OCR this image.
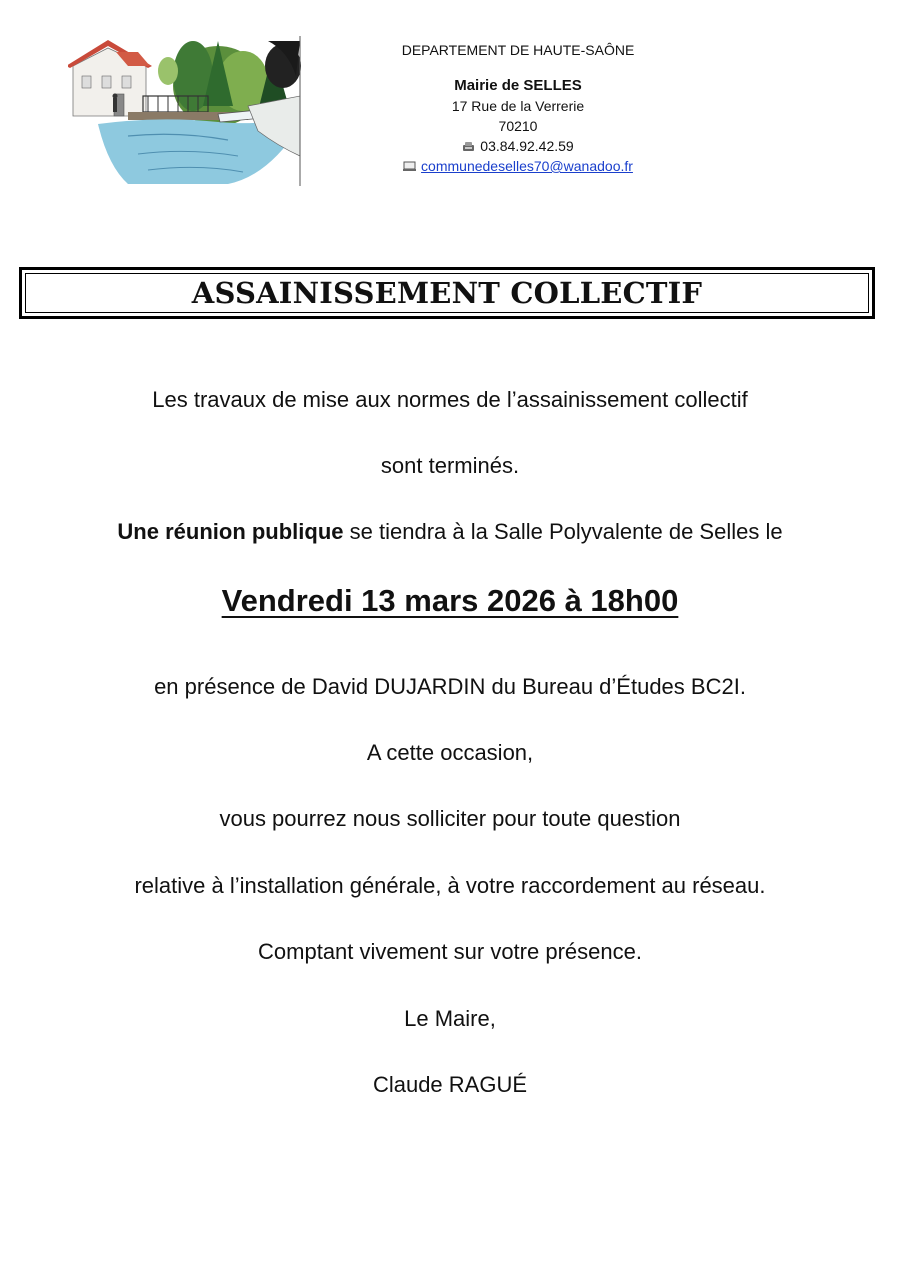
DEPARTEMENT DE HAUTE-SAÔNE
Mairie de SELLES
17 Rue de la Verrerie
70210
03.84.92.42.59
communedeselles70@wanadoo.fr
ASSAINISSEMENT COLLECTIF
Les travaux de mise aux normes de l’assainissement collectif
sont terminés.
Une réunion publique se tiendra à la Salle Polyvalente de Selles le
Vendredi 13 mars 2026 à 18h00
en présence de David DUJARDIN du Bureau d’Études BC2I.
A cette occasion,
vous pourrez nous solliciter pour toute question
relative à l’installation générale, à votre raccordement au réseau.
Comptant vivement sur votre présence.
Le Maire,
Claude RAGUÉ
